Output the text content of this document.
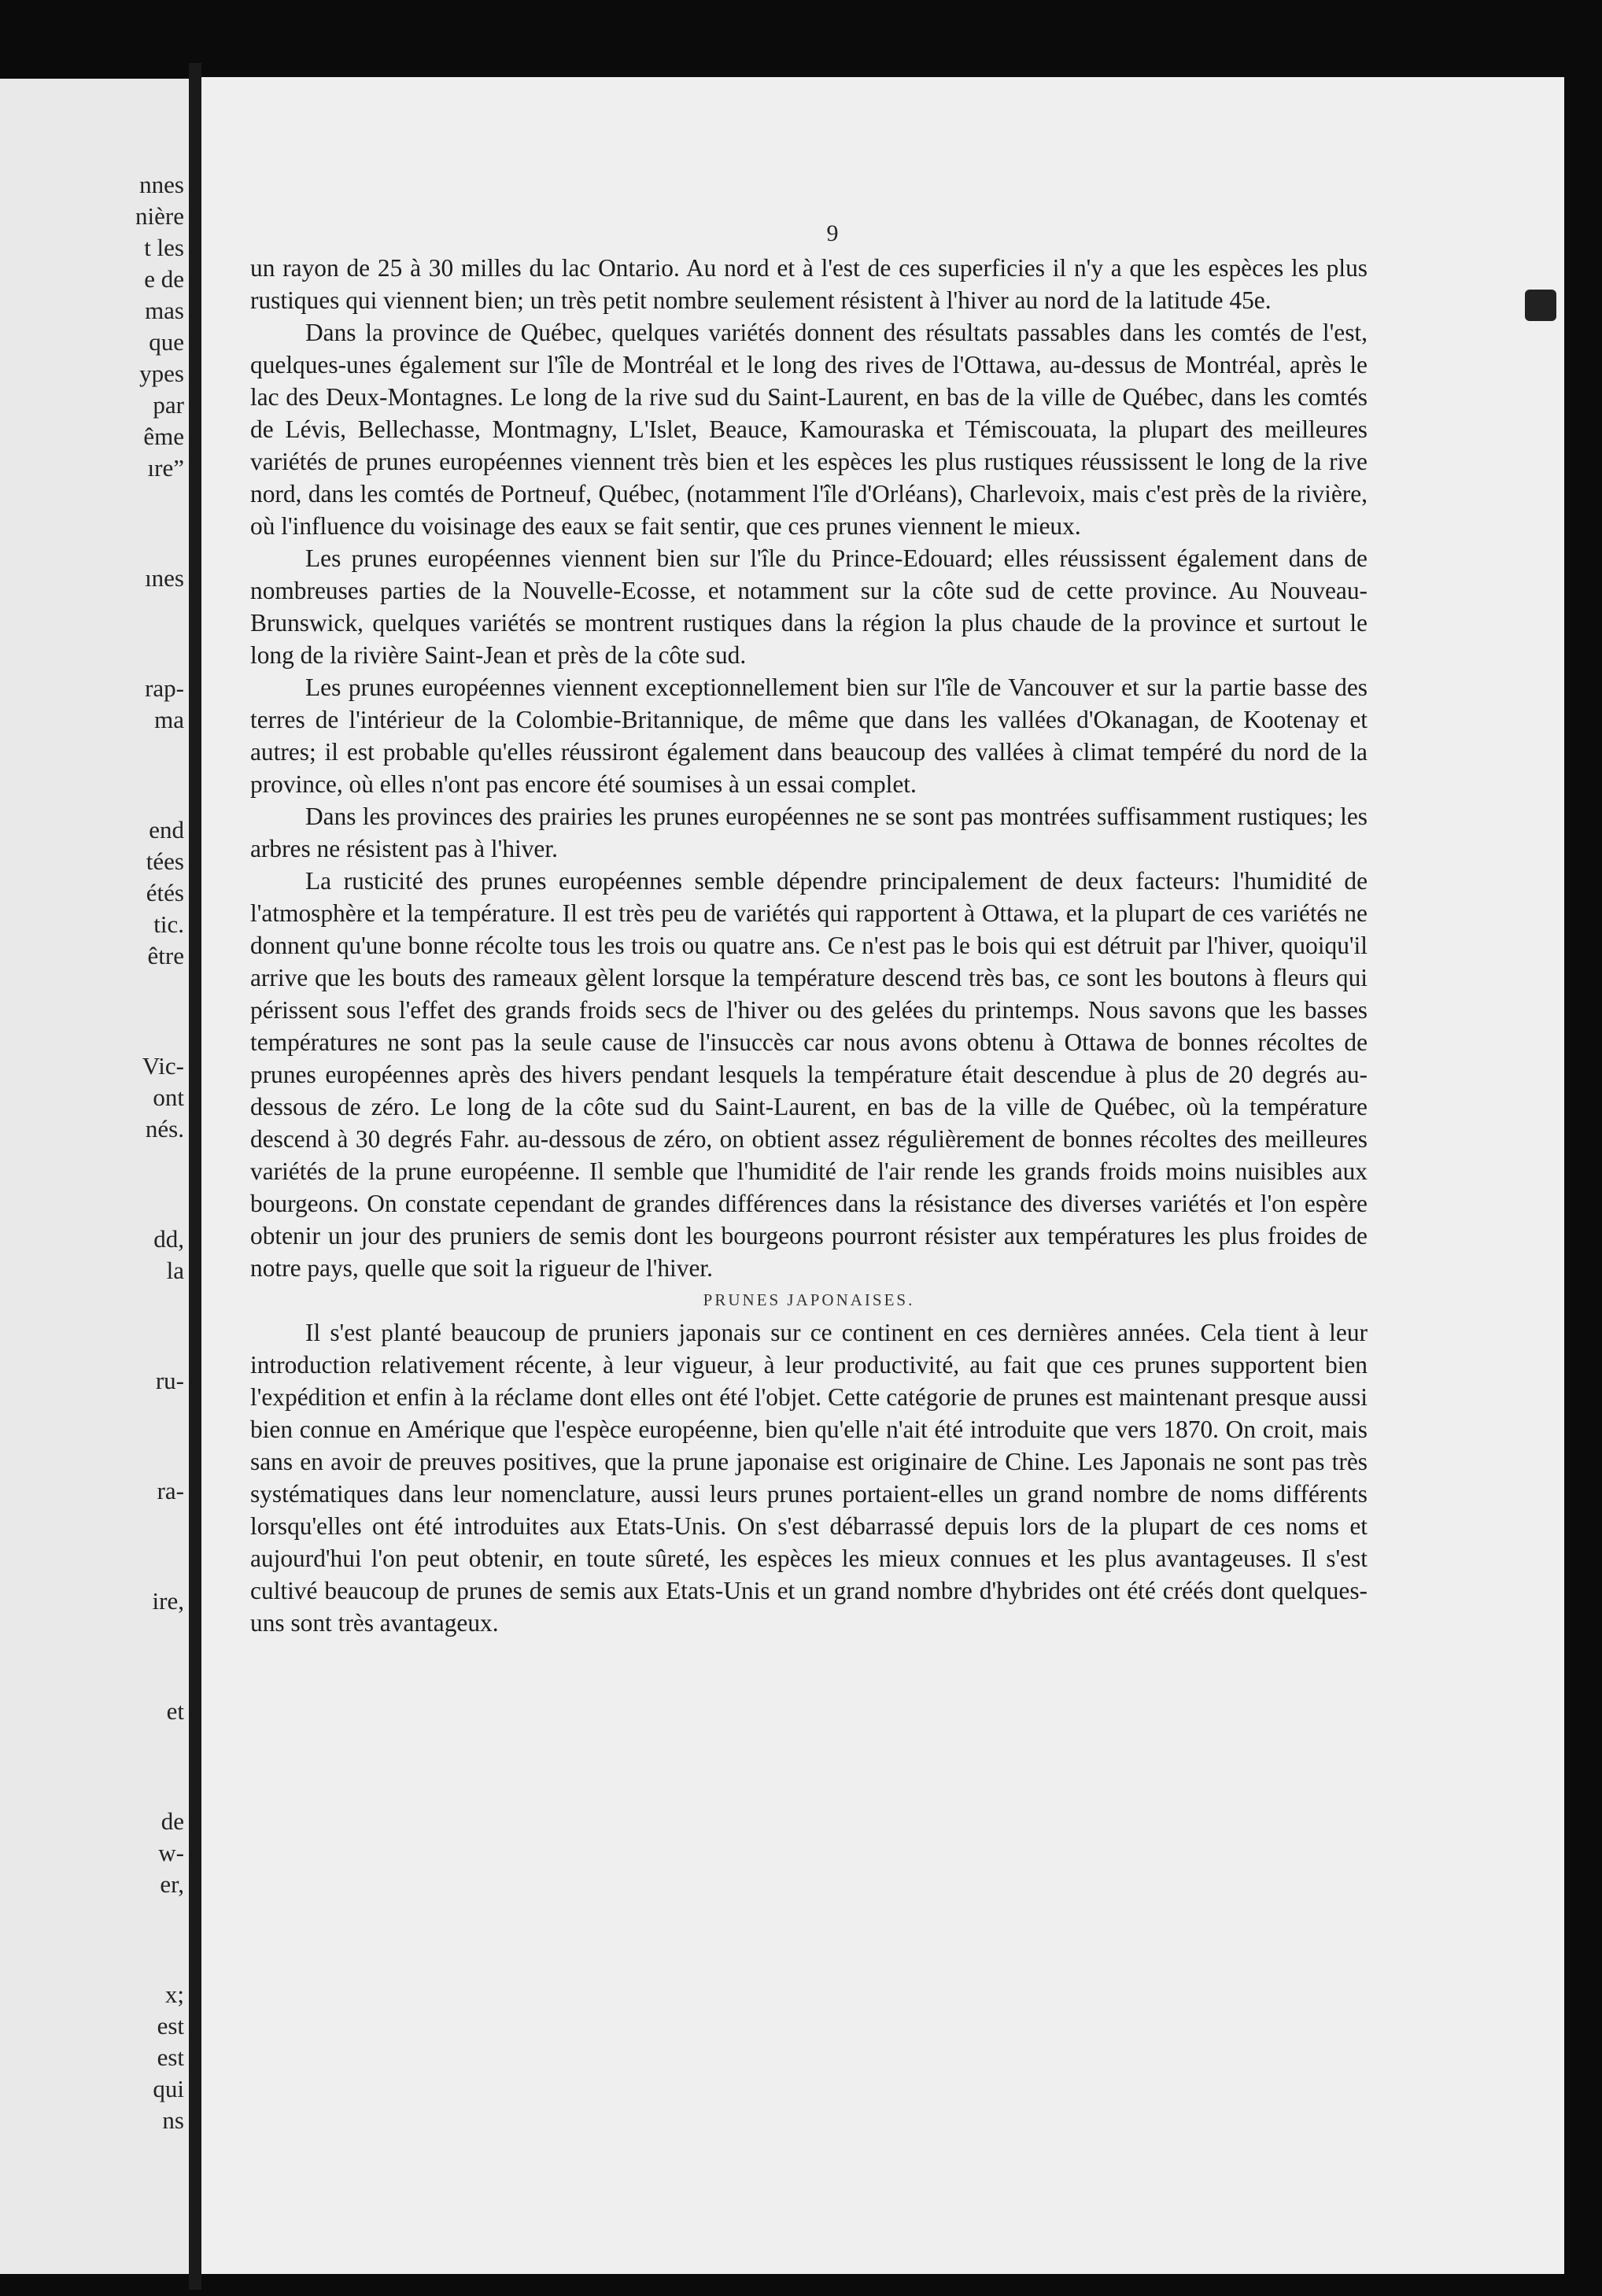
nnes
nière
t les
e de
mas
que
ypes
par
ême
ıre”
ınes
rap-
ma
end
tées
étés
tic.
être
Vic-
ont
nés.
dd,
la
ru-
ra-
ire,
et
de
w-
er,
x;
est
est
qui
ns
9

un rayon de 25 à 30 milles du lac Ontario. Au nord et à l'est de ces superficies il n'y a que les espèces les plus rustiques qui viennent bien; un très petit nombre seulement résistent à l'hiver au nord de la latitude 45e.

Dans la province de Québec, quelques variétés donnent des résultats passables dans les comtés de l'est, quelques-unes également sur l'île de Montréal et le long des rives de l'Ottawa, au-dessus de Montréal, après le lac des Deux-Montagnes. Le long de la rive sud du Saint-Laurent, en bas de la ville de Québec, dans les comtés de Lévis, Bellechasse, Montmagny, L'Islet, Beauce, Kamouraska et Témiscouata, la plupart des meilleures variétés de prunes européennes viennent très bien et les espèces les plus rustiques réussissent le long de la rive nord, dans les comtés de Portneuf, Québec, (notamment l'île d'Orléans), Charlevoix, mais c'est près de la rivière, où l'influence du voisinage des eaux se fait sentir, que ces prunes viennent le mieux.

Les prunes européennes viennent bien sur l'île du Prince-Edouard; elles réussissent également dans de nombreuses parties de la Nouvelle-Ecosse, et notamment sur la côte sud de cette province. Au Nouveau-Brunswick, quelques variétés se montrent rustiques dans la région la plus chaude de la province et surtout le long de la rivière Saint-Jean et près de la côte sud.

Les prunes européennes viennent exceptionnellement bien sur l'île de Vancouver et sur la partie basse des terres de l'intérieur de la Colombie-Britannique, de même que dans les vallées d'Okanagan, de Kootenay et autres; il est probable qu'elles réussiront également dans beaucoup des vallées à climat tempéré du nord de la province, où elles n'ont pas encore été soumises à un essai complet.

Dans les provinces des prairies les prunes européennes ne se sont pas montrées suffisamment rustiques; les arbres ne résistent pas à l'hiver.

La rusticité des prunes européennes semble dépendre principalement de deux facteurs: l'humidité de l'atmosphère et la température. Il est très peu de variétés qui rapportent à Ottawa, et la plupart de ces variétés ne donnent qu'une bonne récolte tous les trois ou quatre ans. Ce n'est pas le bois qui est détruit par l'hiver, quoiqu'il arrive que les bouts des rameaux gèlent lorsque la température descend très bas, ce sont les boutons à fleurs qui périssent sous l'effet des grands froids secs de l'hiver ou des gelées du printemps. Nous savons que les basses températures ne sont pas la seule cause de l'insuccès car nous avons obtenu à Ottawa de bonnes récoltes de prunes européennes après des hivers pendant lesquels la température était descendue à plus de 20 degrés au-dessous de zéro. Le long de la côte sud du Saint-Laurent, en bas de la ville de Québec, où la température descend à 30 degrés Fahr. au-dessous de zéro, on obtient assez régulièrement de bonnes récoltes des meilleures variétés de la prune européenne. Il semble que l'humidité de l'air rende les grands froids moins nuisibles aux bourgeons. On constate cependant de grandes différences dans la résistance des diverses variétés et l'on espère obtenir un jour des pruniers de semis dont les bourgeons pourront résister aux températures les plus froides de notre pays, quelle que soit la rigueur de l'hiver.

PRUNES JAPONAISES.

Il s'est planté beaucoup de pruniers japonais sur ce continent en ces dernières années. Cela tient à leur introduction relativement récente, à leur vigueur, à leur productivité, au fait que ces prunes supportent bien l'expédition et enfin à la réclame dont elles ont été l'objet. Cette catégorie de prunes est maintenant presque aussi bien connue en Amérique que l'espèce européenne, bien qu'elle n'ait été introduite que vers 1870. On croit, mais sans en avoir de preuves positives, que la prune japonaise est originaire de Chine. Les Japonais ne sont pas très systématiques dans leur nomenclature, aussi leurs prunes portaient-elles un grand nombre de noms différents lorsqu'elles ont été introduites aux Etats-Unis. On s'est débarrassé depuis lors de la plupart de ces noms et aujourd'hui l'on peut obtenir, en toute sûreté, les espèces les mieux connues et les plus avantageuses. Il s'est cultivé beaucoup de prunes de semis aux Etats-Unis et un grand nombre d'hybrides ont été créés dont quelques-uns sont très avantageux.
